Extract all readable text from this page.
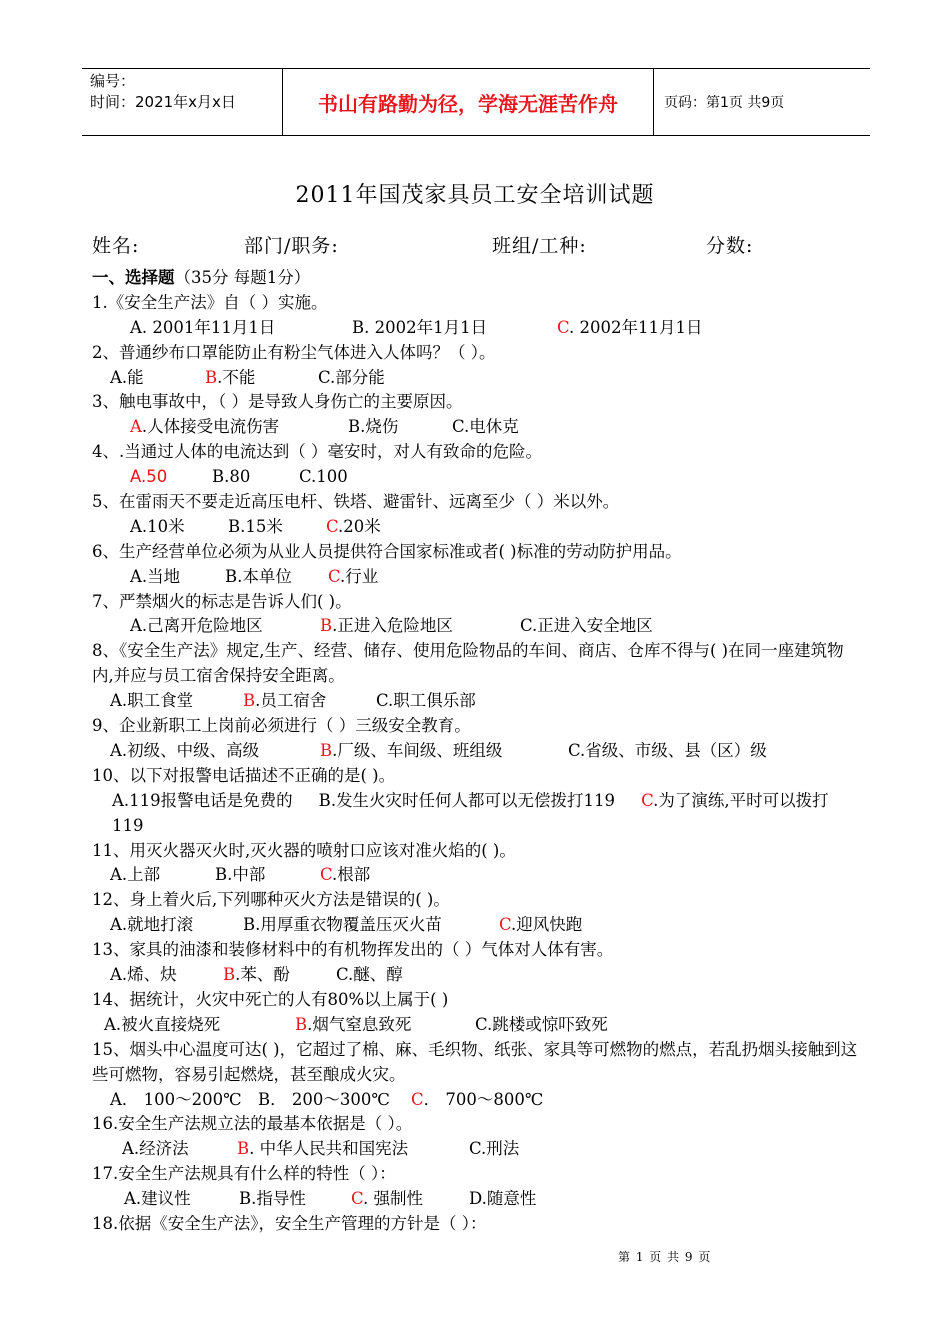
编号：
时间：2021年x月x日	书山有路勤为径，学海无涯苦作舟	页码：第1页 共9页
2011年国茂家具员工安全培训试题
姓名:	部门/职务:	班组/工种:	分数:
一、选择题（35分 每题1分）
1.《安全生产法》自（ ）实施。
A. 2001年11月1日	B. 2002年1月1日	C. 2002年11月1日
2、普通纱布口罩能防止有粉尘气体进入人体吗？（ ）。
A.能	B.不能	C.部分能
3、触电事故中，（ ）是导致人身伤亡的主要原因。
A.人体接受电流伤害	B.烧伤	C.电休克
4、.当通过人体的电流达到（ ）毫安时，对人有致命的危险。
A.50	B.80	C.100
5、在雷雨天不要走近高压电杆、铁塔、避雷针、远离至少（ ）米以外。
A.10米	B.15米	C.20米
6、生产经营单位必须为从业人员提供符合国家标准或者( )标准的劳动防护用品。
A.当地	B.本单位	C.行业
7、严禁烟火的标志是告诉人们( )。
A.己离开危险地区	B.正进入危险地区	C.正进入安全地区
8、《安全生产法》规定,生产、经营、储存、使用危险物品的车间、商店、仓库不得与( )在同一座建筑物内,并应与员工宿舍保持安全距离。
A.职工食堂	B.员工宿舍	C.职工俱乐部
9、企业新职工上岗前必须进行（ ）三级安全教育。
A.初级、中级、高级	B.厂级、车间级、班组级	C.省级、市级、县（区）级
10、以下对报警电话描述不正确的是( )。
A.119报警电话是免费的 B.发生火灾时任何人都可以无偿拨打119 C.为了演练,平时可以拨打119
11、用灭火器灭火时,灭火器的喷射口应该对准火焰的( )。
A.上部	B.中部	C.根部
12、身上着火后,下列哪种灭火方法是错误的( )。
A.就地打滚	B.用厚重衣物覆盖压灭火苗	C.迎风快跑
13、家具的油漆和装修材料中的有机物挥发出的（ ）气体对人体有害。
A.烯、炔	B.苯、酚	C.醚、醇
14、据统计，火灾中死亡的人有80%以上属于( )
A.被火直接烧死	B.烟气窒息致死	C.跳楼或惊吓致死
15、烟头中心温度可达( )，它超过了棉、麻、毛织物、纸张、家具等可燃物的燃点，若乱扔烟头接触到这些可燃物，容易引起燃烧，甚至酿成火灾。
A． 100～200℃ B． 200～300℃	C． 700～800℃
16.安全生产法规立法的最基本依据是（ ）。
A.经济法	B. 中华人民共和国宪法	C.刑法
17.安全生产法规具有什么样的特性（ ）：
A.建议性	B.指导性	C. 强制性	D.随意性
18.依据《安全生产法》，安全生产管理的方针是（ ）：
第 1 页 共 9 页
